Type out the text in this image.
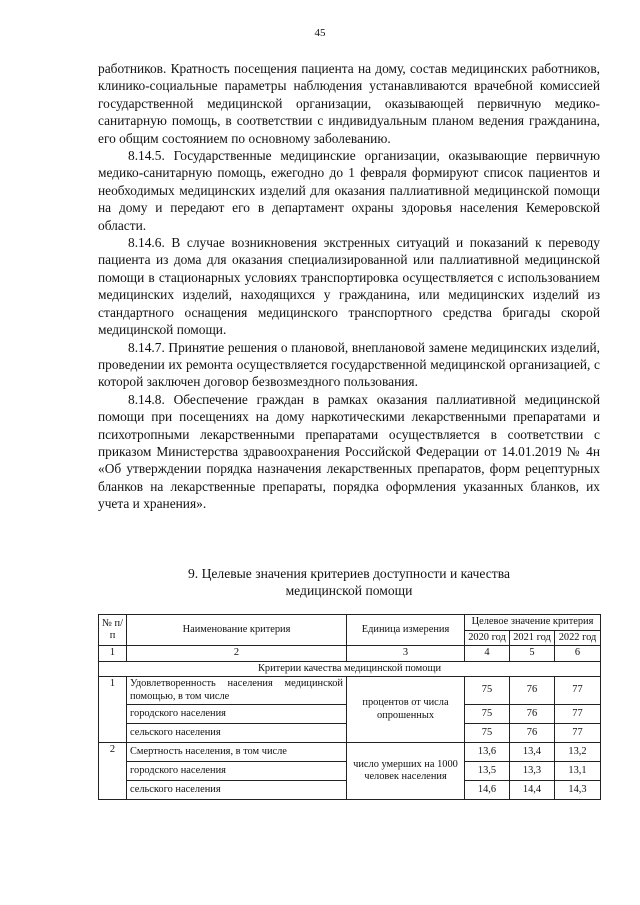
45

работников. Кратность посещения пациента на дому, состав медицинских работников, клинико-социальные параметры наблюдения устанавливаются врачебной комиссией государственной медицинской организации, оказывающей первичную медико-санитарную помощь, в соответствии с индивидуальным планом ведения гражданина, его общим состоянием по основному заболеванию.

8.14.5. Государственные медицинские организации, оказывающие первичную медико-санитарную помощь, ежегодно до 1 февраля формируют список пациентов и необходимых медицинских изделий для оказания паллиативной медицинской помощи на дому и передают его в департамент охраны здоровья населения Кемеровской области.

8.14.6. В случае возникновения экстренных ситуаций и показаний к переводу пациента из дома для оказания специализированной или паллиативной медицинской помощи в стационарных условиях транспортировка осуществляется с использованием медицинских изделий, находящихся у гражданина, или медицинских изделий из стандартного оснащения медицинского транспортного средства бригады скорой медицинской помощи.

8.14.7. Принятие решения о плановой, внеплановой замене медицинских изделий, проведении их ремонта осуществляется государственной медицинской организацией, с которой заключен договор безвозмездного пользования.

8.14.8. Обеспечение граждан в рамках оказания паллиативной медицинской помощи при посещениях на дому наркотическими лекарственными препаратами и психотропными лекарственными препаратами осуществляется в соответствии с приказом Министерства здравоохранения Российской Федерации от 14.01.2019 № 4н «Об утверждении порядка назначения лекарственных препаратов, форм рецептурных бланков на лекарственные препараты, порядка оформления указанных бланков, их учета и хранения».

9. Целевые значения критериев доступности и качества
медицинской помощи
№ п/п	Наименование критерия	Единица измерения	Целевое значение критерия		
			2020 год	2021 год	2022 год
1	2	3	4	5	6
Критерии качества медицинской помощи					
1	Удовлетворенность населения медицинской помощью, в том числе	процентов от числа опрошенных	75	76	77
	городского населения		75	76	77
	сельского населения		75	76	77
2	Смертность населения, в том числе	число умерших на 1000 человек населения	13,6	13,4	13,2
	городского населения		13,5	13,3	13,1
	сельского населения		14,6	14,4	14,3
